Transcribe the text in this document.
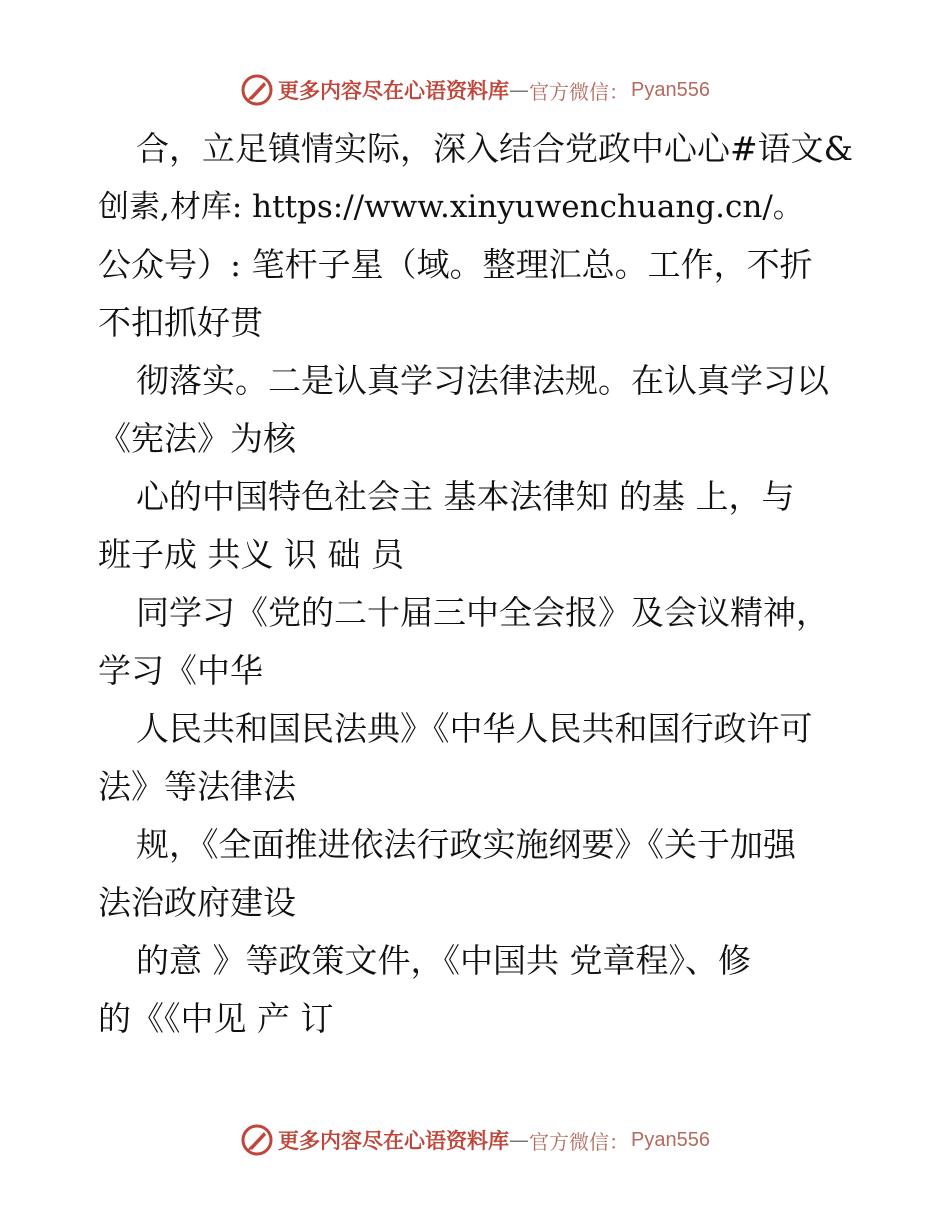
更多内容尽在心语资料库 — 官方微信： Pyan556
合，立足镇情实际，深入结合党政中心心#语文&
创素,材库: https://www.xinyuwenchuang.cn/。
公众号）: 笔杆子星（域。整理汇总。工作，不折
不扣抓好贯
彻落实。二是认真学习法律法规。在认真学习以
《宪法》为核
心的中国特色社会主 基本法律知 的基 上，与
班子成 共义 识 础 员
同学习《党的二十届三中全会报》及会议精神，
学习《中华
人民共和国民法典》《中华人民共和国行政许可
法》等法律法
规，《全面推进依法行政实施纲要》《关于加强
法治政府建设
的意 》等政策文件，《中国共 党章程》、修
的《《中见 产 订
更多内容尽在心语资料库 — 官方微信： Pyan556
